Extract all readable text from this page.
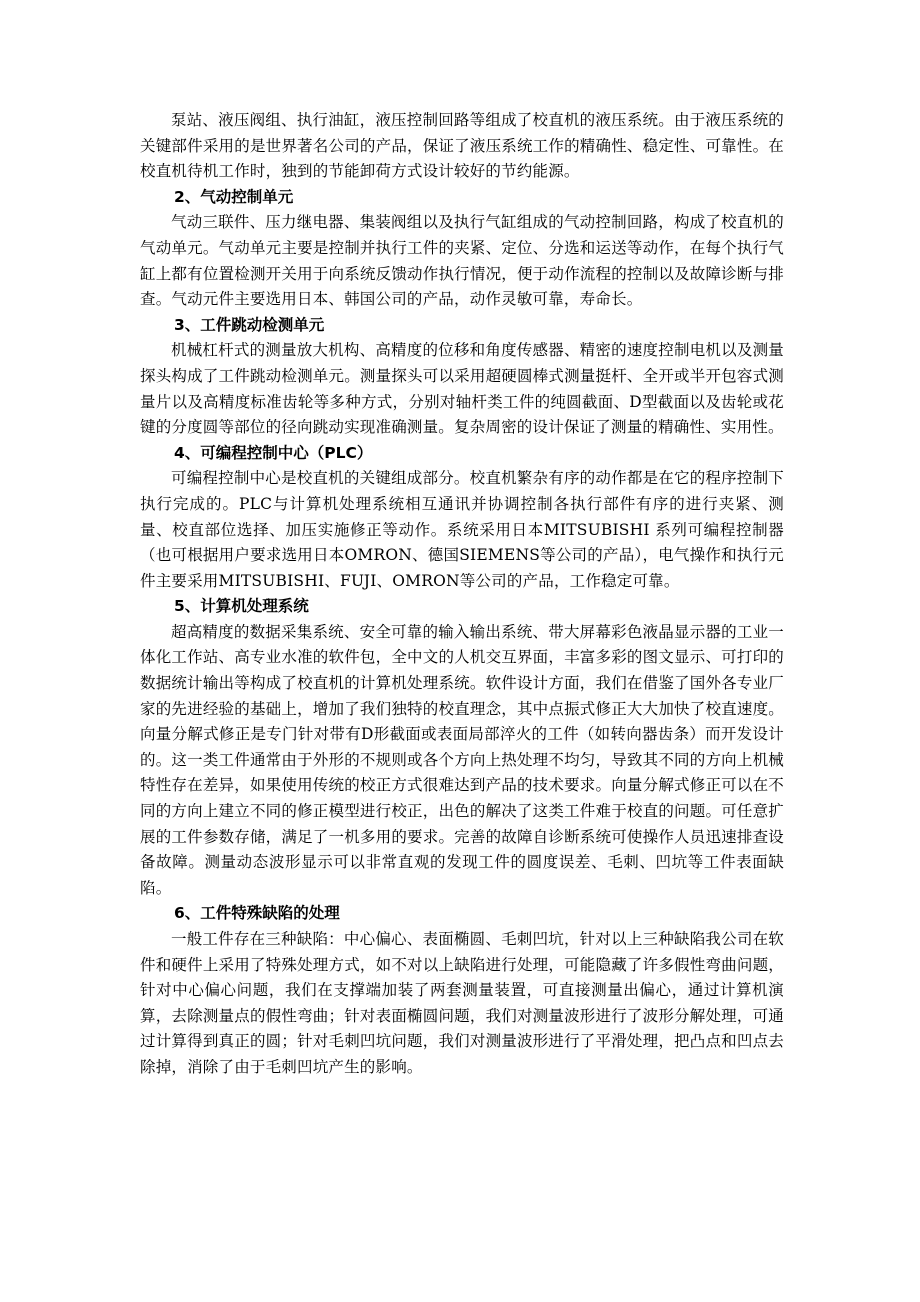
泵站、液压阀组、执行油缸，液压控制回路等组成了校直机的液压系统。由于液压系统的关键部件采用的是世界著名公司的产品，保证了液压系统工作的精确性、稳定性、可靠性。在校直机待机工作时，独到的节能卸荷方式设计较好的节约能源。

2、气动控制单元

气动三联件、压力继电器、集装阀组以及执行气缸组成的气动控制回路，构成了校直机的气动单元。气动单元主要是控制并执行工件的夹紧、定位、分选和运送等动作，在每个执行气缸上都有位置检测开关用于向系统反馈动作执行情况，便于动作流程的控制以及故障诊断与排查。气动元件主要选用日本、韩国公司的产品，动作灵敏可靠，寿命长。

3、工件跳动检测单元

机械杠杆式的测量放大机构、高精度的位移和角度传感器、精密的速度控制电机以及测量探头构成了工件跳动检测单元。测量探头可以采用超硬圆棒式测量挺杆、全开或半开包容式测量片以及高精度标准齿轮等多种方式，分别对轴杆类工件的纯圆截面、D型截面以及齿轮或花键的分度圆等部位的径向跳动实现准确测量。复杂周密的设计保证了测量的精确性、实用性。

4、可编程控制中心（PLC）

可编程控制中心是校直机的关键组成部分。校直机繁杂有序的动作都是在它的程序控制下执行完成的。PLC与计算机处理系统相互通讯并协调控制各执行部件有序的进行夹紧、测量、校直部位选择、加压实施修正等动作。系统采用日本MITSUBISHI 系列可编程控制器（也可根据用户要求选用日本OMRON、德国SIEMENS等公司的产品），电气操作和执行元件主要采用MITSUBISHI、FUJI、OMRON等公司的产品，工作稳定可靠。

5、计算机处理系统

超高精度的数据采集系统、安全可靠的输入输出系统、带大屏幕彩色液晶显示器的工业一体化工作站、高专业水准的软件包，全中文的人机交互界面，丰富多彩的图文显示、可打印的数据统计输出等构成了校直机的计算机处理系统。软件设计方面，我们在借鉴了国外各专业厂家的先进经验的基础上，增加了我们独特的校直理念，其中点振式修正大大加快了校直速度。向量分解式修正是专门针对带有D形截面或表面局部淬火的工件（如转向器齿条）而开发设计的。这一类工件通常由于外形的不规则或各个方向上热处理不均匀，导致其不同的方向上机械特性存在差异，如果使用传统的校正方式很难达到产品的技术要求。向量分解式修正可以在不同的方向上建立不同的修正模型进行校正，出色的解决了这类工件难于校直的问题。可任意扩展的工件参数存储，满足了一机多用的要求。完善的故障自诊断系统可使操作人员迅速排查设备故障。测量动态波形显示可以非常直观的发现工件的圆度误差、毛刺、凹坑等工件表面缺陷。

6、工件特殊缺陷的处理

一般工件存在三种缺陷：中心偏心、表面椭圆、毛刺凹坑，针对以上三种缺陷我公司在软件和硬件上采用了特殊处理方式，如不对以上缺陷进行处理，可能隐藏了许多假性弯曲问题，针对中心偏心问题，我们在支撑端加装了两套测量装置，可直接测量出偏心，通过计算机演算，去除测量点的假性弯曲；针对表面椭圆问题，我们对测量波形进行了波形分解处理，可通过计算得到真正的圆；针对毛刺凹坑问题，我们对测量波形进行了平滑处理，把凸点和凹点去除掉，消除了由于毛刺凹坑产生的影响。
